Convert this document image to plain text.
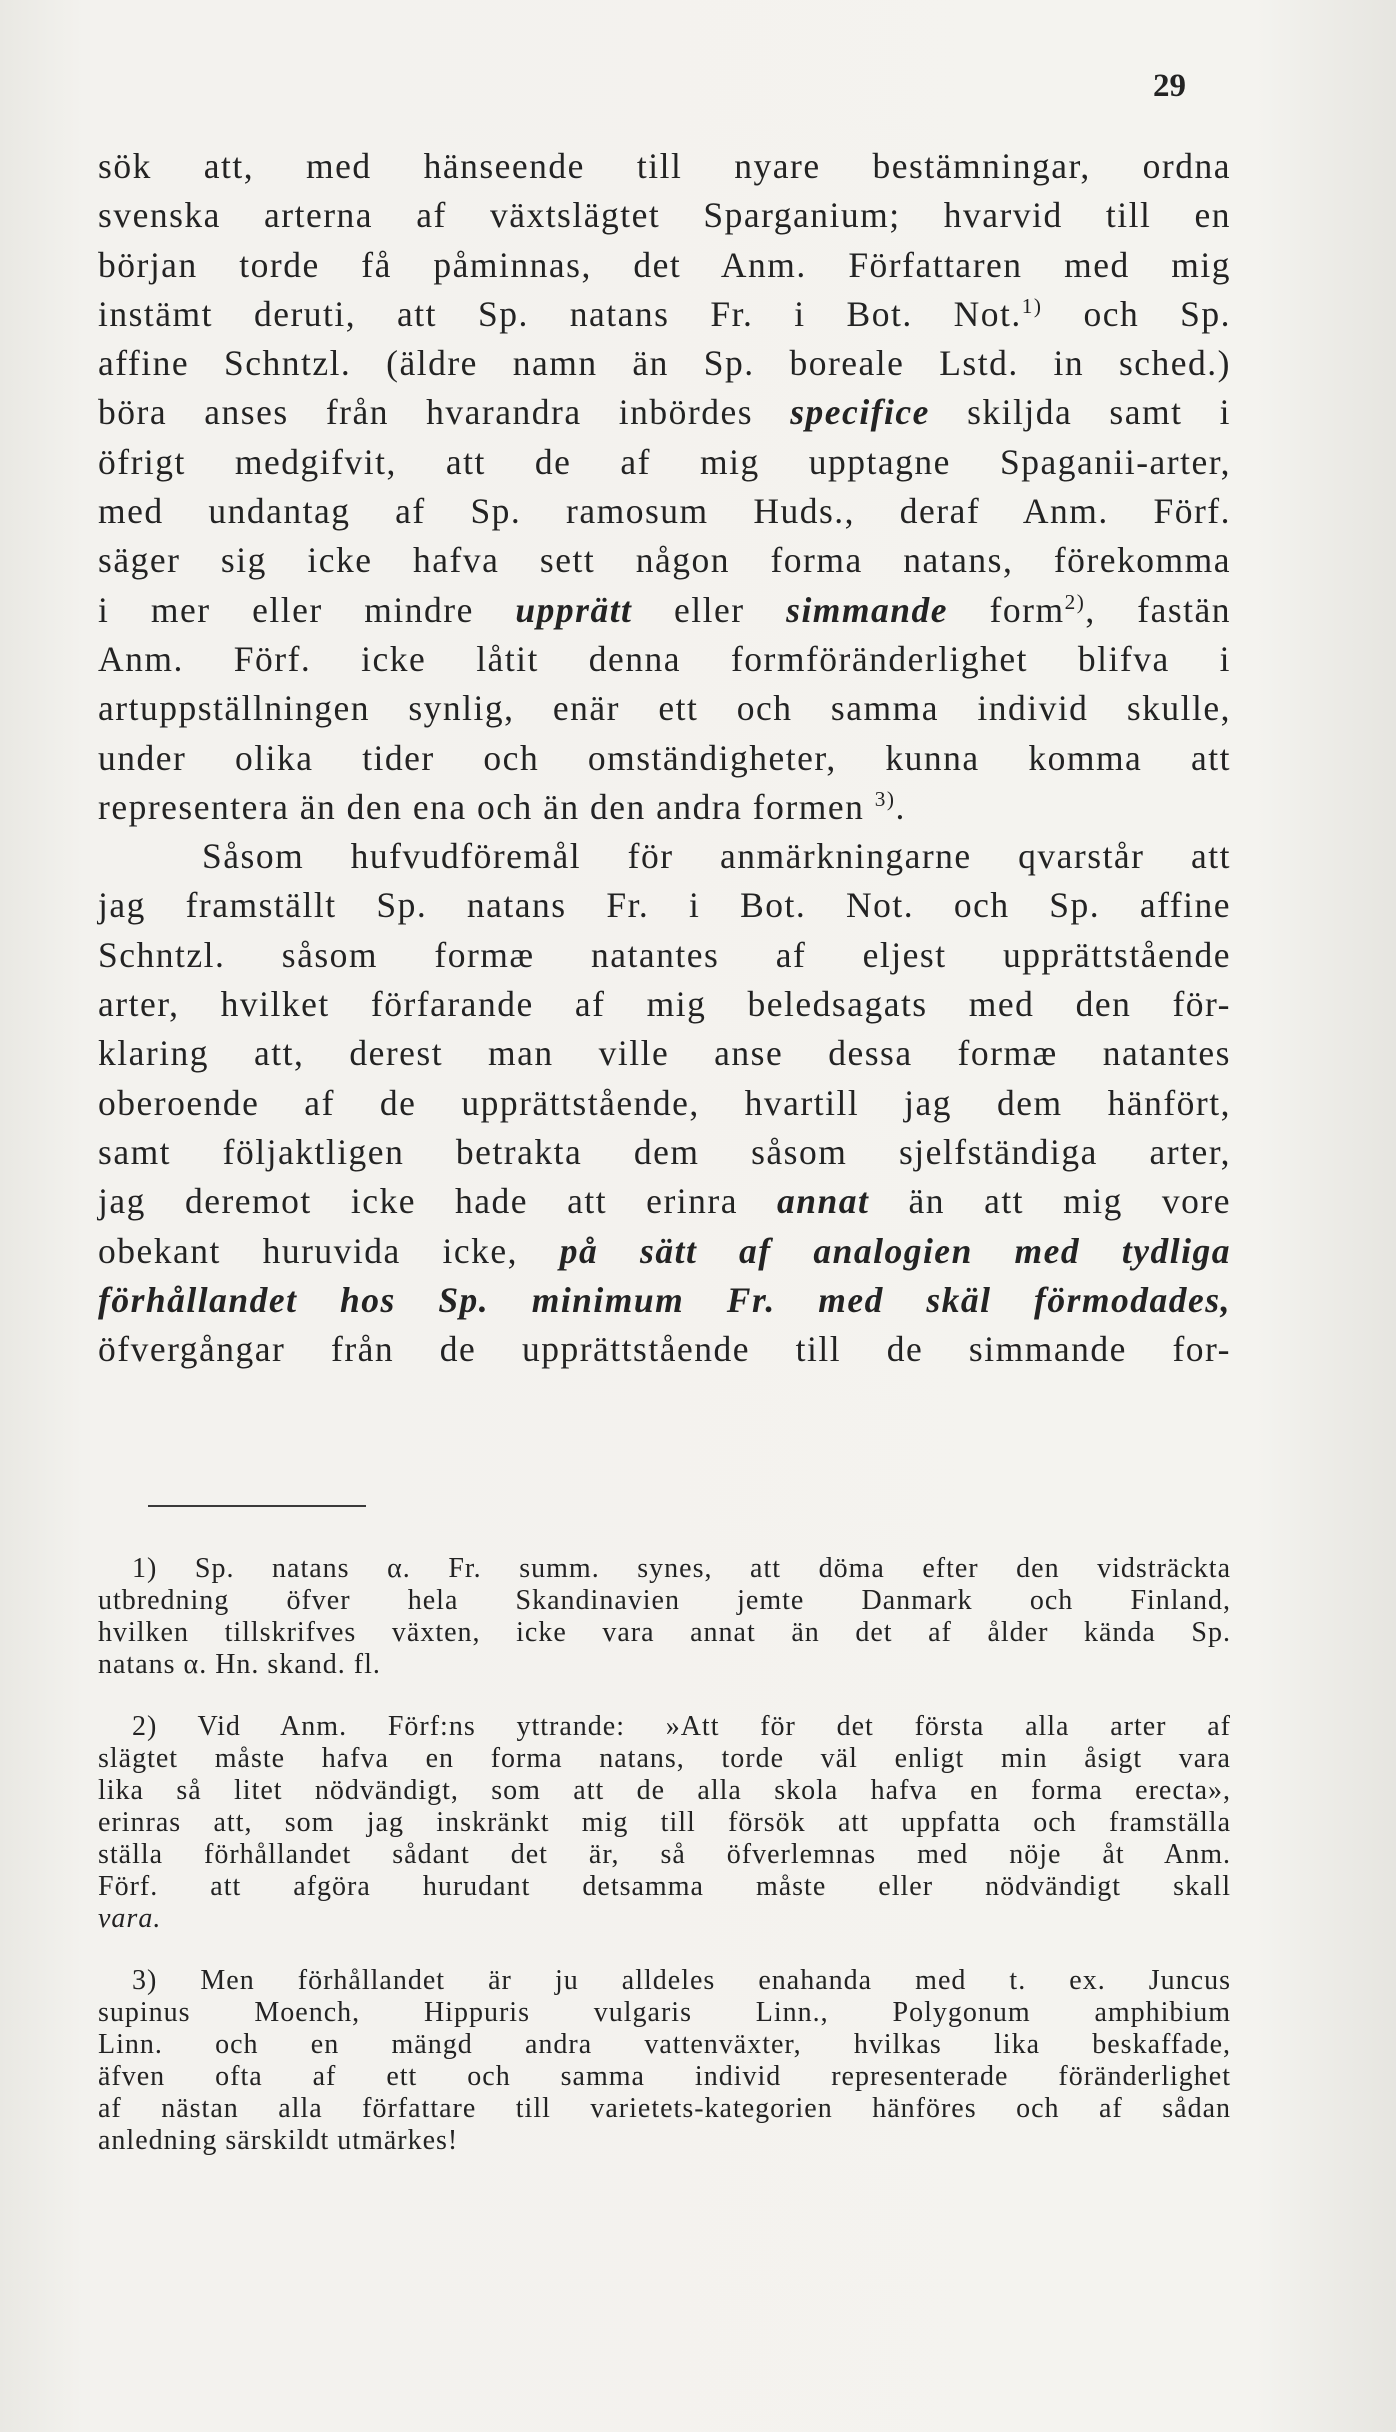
29
sök att, med hänseende till nyare bestämningar, ordna
svenska arterna af växtslägtet Sparganium; hvarvid till en
början torde få påminnas, det Anm. Författaren med mig
instämt deruti, att Sp. natans Fr. i Bot. Not.$^{1)}$ och Sp.
affine Schntzl. (äldre namn än Sp. boreale Lstd. in sched.)
böra anses från hvarandra inbördes specifice skiljda samt i
öfrigt medgifvit, att de af mig upptagne Spaganii-arter,
med undantag af Sp. ramosum Huds., deraf Anm. Förf.
säger sig icke hafva sett någon forma natans, förekomma
i mer eller mindre upprätt eller simmande form$^{2)}$, fastän
Anm. Förf. icke låtit denna formföränderlighet blifva i
artuppställningen synlig, enär ett och samma individ skulle,
under olika tider och omständigheter, kunna komma att
representera än den ena och än den andra formen $^{3)}$.
Såsom hufvudföremål för anmärkningarne qvarstår att
jag framställt Sp. natans Fr. i Bot. Not. och Sp. affine
Schntzl. såsom formæ natantes af eljest upprättstående
arter, hvilket förfarande af mig beledsagats med den för-
klaring att, derest man ville anse dessa formæ natantes
oberoende af de upprättstående, hvartill jag dem hänfört,
samt följaktligen betrakta dem såsom sjelfständiga arter,
jag deremot icke hade att erinra annat än att mig vore
obekant huruvida icke, på sätt af analogien med tydliga
förhållandet hos Sp. minimum Fr. med skäl förmodades,
öfvergångar från de upprättstående till de simmande for-
1) Sp. natans α. Fr. summ. synes, att döma efter den vidsträckta
utbredning öfver hela Skandinavien jemte Danmark och Finland,
hvilken tillskrifves växten, icke vara annat än det af ålder kända Sp.
natans α. Hn. skand. fl.
2) Vid Anm. Förf:ns yttrande: »Att för det första alla arter af
slägtet måste hafva en forma natans, torde väl enligt min åsigt vara
lika så litet nödvändigt, som att de alla skola hafva en forma erecta»,
erinras att, som jag inskränkt mig till försök att uppfatta och framställa
ställa förhållandet sådant det är, så öfverlemnas med nöje åt Anm.
Förf. att afgöra hurudant detsamma måste eller nödvändigt skall
vara.
3) Men förhållandet är ju alldeles enahanda med t. ex. Juncus
supinus Moench, Hippuris vulgaris Linn., Polygonum amphibium
Linn. och en mängd andra vattenväxter, hvilkas lika beskaffade,
äfven ofta af ett och samma individ representerade föränderlighet
af nästan alla författare till varietets-kategorien hänföres och af sådan
anledning särskildt utmärkes!
